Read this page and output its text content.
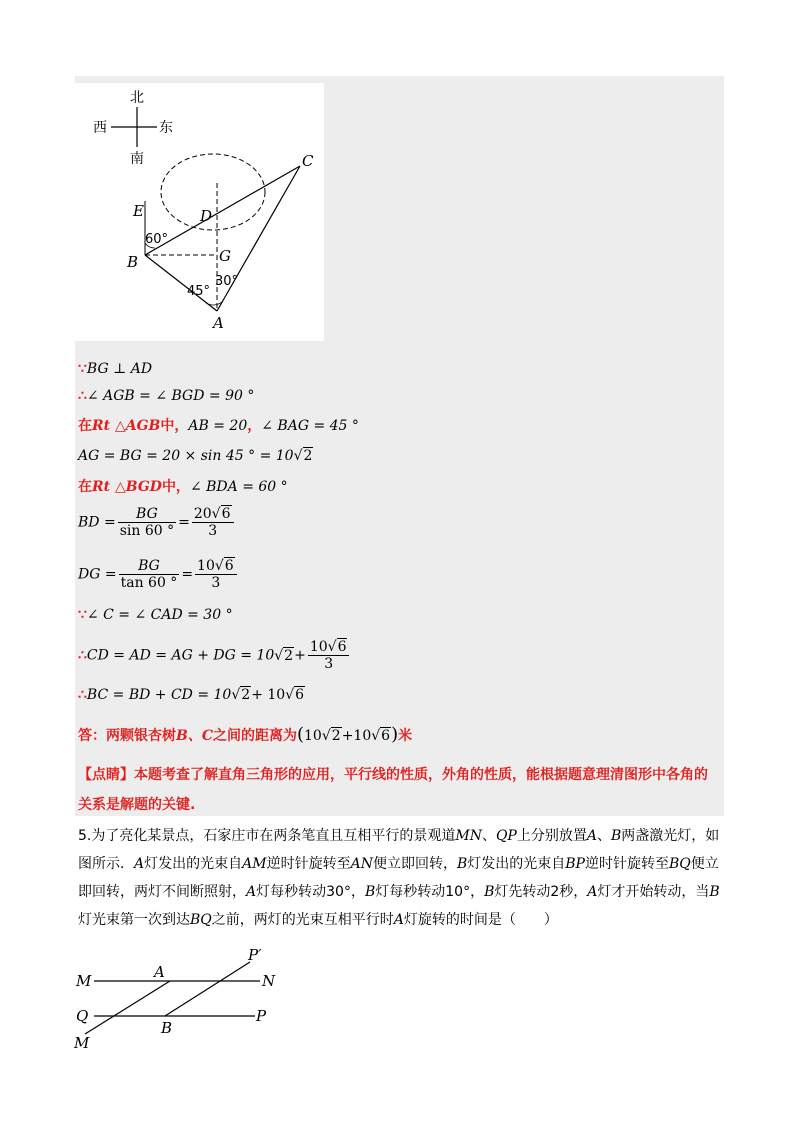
北
西	东
南	C
E	D
G
B
A
60°
45°
30°
∵BG ⊥ AD
∴∠ AGB = ∠ BGD = 90 °
在Rt △AGB中，AB = 20，∠ BAG = 45 °
AG = BG = 20 × sin 45 ° = 10√2
在Rt △BGD中，∠ BDA = 60 °
BD = $\frac{BG}{\sin 60 ^\circ} = \frac{20√6}{3}$
DG = $\frac{BG}{\tan 60 ^\circ} = \frac{10√6}{3}$
∵∠ C = ∠ CAD = 30 °
∴CD = AD = AG + DG = $10√2+ \frac{10√6}{3}$
∴BC = BD + CD = 10√2+ 10√6
答：两颗银杏树B、C之间的距离为(10√2+10√6)米
【点睛】本题考查了解直角三角形的应用，平行线的性质，外角的性质，能根据题意理清图形中各角的关系是解题的关键.
5.为了亮化某景点，石家庄市在两条笔直且互相平行的景观道MN、QP上分别放置A、B两盏激光灯，如图所示．A灯发出的光束自AM逆时针旋转至AN便立即回转，B灯发出的光束自BP逆时针旋转至BQ便立即回转，两灯不间断照射，A灯每秒转动30°，B灯每秒转动10°，B灯先转动2秒，A灯才开始转动，当B灯光束第一次到达BQ之前，两灯的光束互相平行时A灯旋转的时间是（　　）
M	A
P′
N
Q
B
P
M
